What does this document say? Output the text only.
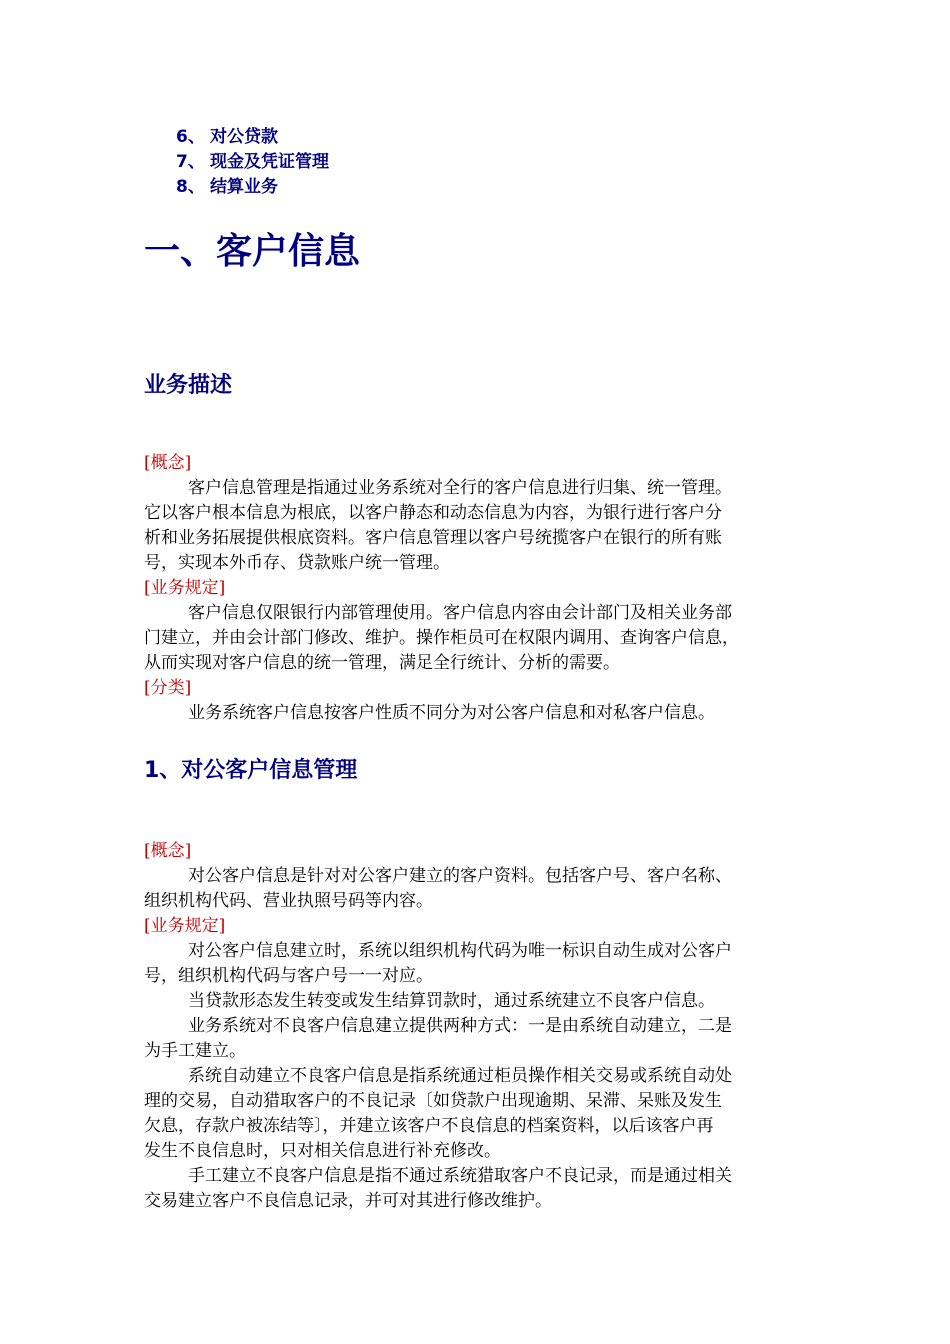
6、 对公贷款
7、 现金及凭证管理
8、 结算业务
一、客户信息
业务描述
[概念]
客户信息管理是指通过业务系统对全行的客户信息进行归集、统一管理。
它以客户根本信息为根底，以客户静态和动态信息为内容，为银行进行客户分
析和业务拓展提供根底资料。客户信息管理以客户号统揽客户在银行的所有账
号，实现本外币存、贷款账户统一管理。
[业务规定]
客户信息仅限银行内部管理使用。客户信息内容由会计部门及相关业务部
门建立，并由会计部门修改、维护。操作柜员可在权限内调用、查询客户信息，
从而实现对客户信息的统一管理，满足全行统计、分析的需要。
[分类]
业务系统客户信息按客户性质不同分为对公客户信息和对私客户信息。
1、对公客户信息管理
[概念]
对公客户信息是针对对公客户建立的客户资料。包括客户号、客户名称、
组织机构代码、营业执照号码等内容。
[业务规定]
对公客户信息建立时，系统以组织机构代码为唯一标识自动生成对公客户
号，组织机构代码与客户号一一对应。
当贷款形态发生转变或发生结算罚款时，通过系统建立不良客户信息。
业务系统对不良客户信息建立提供两种方式：一是由系统自动建立，二是
为手工建立。
系统自动建立不良客户信息是指系统通过柜员操作相关交易或系统自动处
理的交易，自动猎取客户的不良记录〔如贷款户出现逾期、呆滞、呆账及发生
欠息，存款户被冻结等〕，并建立该客户不良信息的档案资料，以后该客户再
发生不良信息时，只对相关信息进行补充修改。
手工建立不良客户信息是指不通过系统猎取客户不良记录，而是通过相关
交易建立客户不良信息记录，并可对其进行修改维护。
